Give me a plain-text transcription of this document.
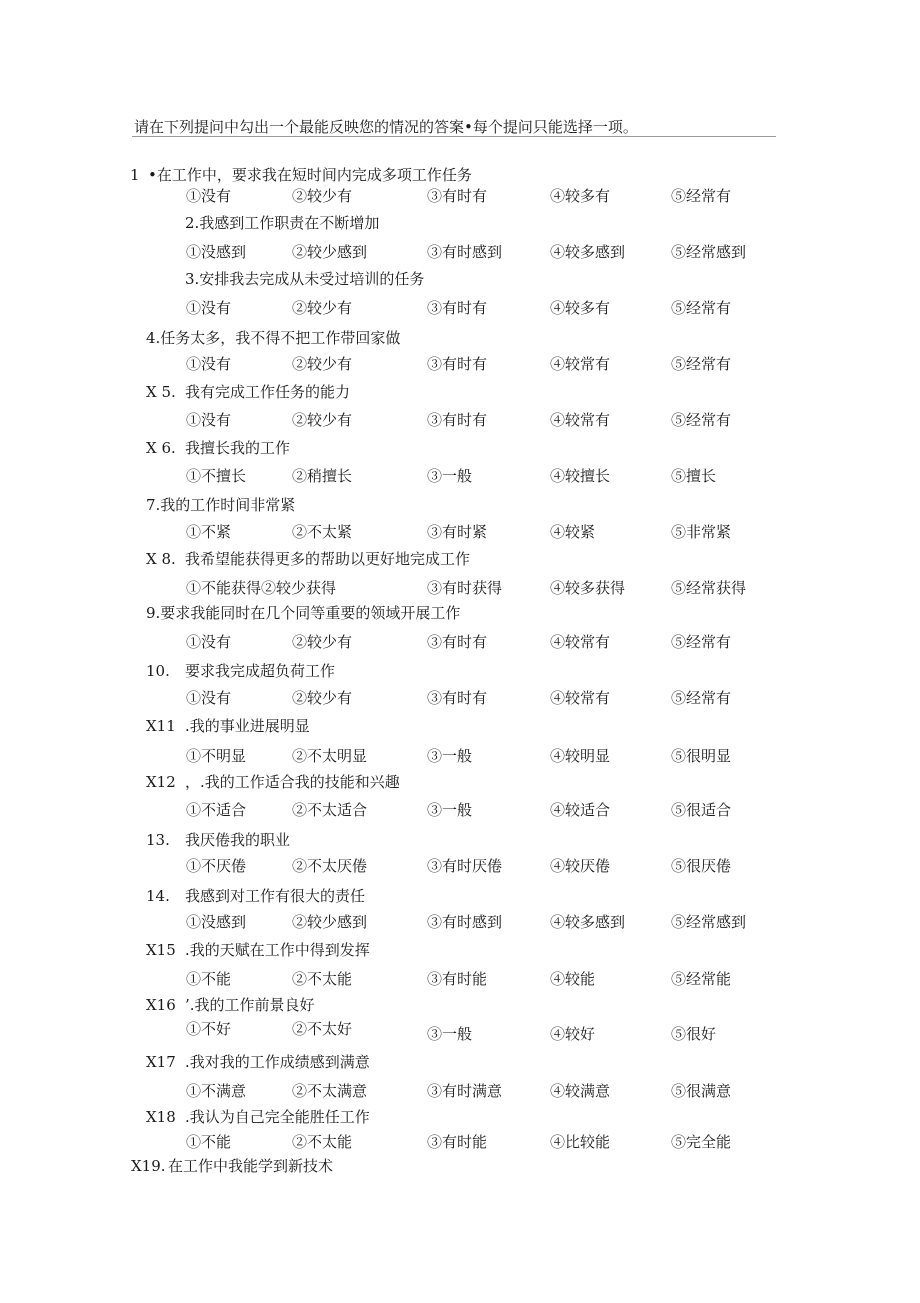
请在下列提问中勾出一个最能反映您的情况的答案•每个提问只能选择一项。
1 •在工作中，要求我在短时间内完成多项工作任务
①没有	②较少有	③有时有	④较多有	⑤经常有
2.我感到工作职责在不断增加
①没感到	②较少感到	③有时感到	④较多感到	⑤经常感到
3.安排我去完成从未受过培训的任务
①没有	②较少有	③有时有	④较多有	⑤经常有
4.任务太多，我不得不把工作带回家做
①没有	②较少有	③有时有	④较常有	⑤经常有
X 5. 我有完成工作任务的能力
①没有	②较少有	③有时有	④较常有	⑤经常有
X 6. 我擅长我的工作
①不擅长	②稍擅长	③一般	④较擅长	⑤擅长
7.我的工作时间非常紧
①不紧	②不太紧	③有时紧	④较紧	⑤非常紧
X 8. 我希望能获得更多的帮助以更好地完成工作
①不能获得②较少获得	③有时获得	④较多获得	⑤经常获得
9.要求我能同时在几个同等重要的领域开展工作
①没有	②较少有	③有时有	④较常有	⑤经常有
10. 要求我完成超负荷工作
①没有	②较少有	③有时有	④较常有	⑤经常有
X11 .我的事业进展明显
①不明显	②不太明显	③一般	④较明显	⑤很明显
X12 ，.我的工作适合我的技能和兴趣
①不适合	②不太适合	③一般	④较适合	⑤很适合
13. 我厌倦我的职业
①不厌倦	②不太厌倦	③有时厌倦	④较厌倦	⑤很厌倦
14. 我感到对工作有很大的责任
①没感到	②较少感到	③有时感到	④较多感到	⑤经常感到
X15 .我的天赋在工作中得到发挥
①不能	②不太能	③有时能	④较能	⑤经常能
X16 ’.我的工作前景良好
①不好	②不太好	③一般	④较好	⑤很好
X17 .我对我的工作成绩感到满意
①不满意	②不太满意	③有时满意	④较满意	⑤很满意
X18 .我认为自己完全能胜任工作
①不能	②不太能	③有时能	④比较能	⑤完全能
X19. 在工作中我能学到新技术
